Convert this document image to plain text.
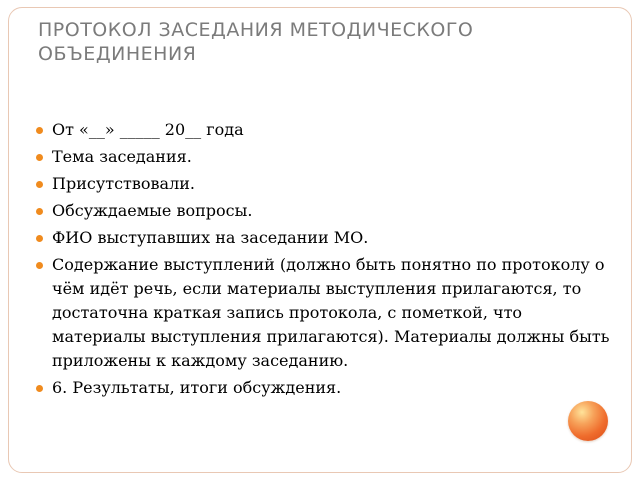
ПРОТОКОЛ ЗАСЕДАНИЯ МЕТОДИЧЕСКОГО
ОБЪЕДИНЕНИЯ
От «__» _____ 20__ года
Тема заседания.
Присутствовали.
Обсуждаемые вопросы.
ФИО выступавших на заседании МО.
Содержание выступлений (должно быть понятно по протоколу о чём идёт речь, если материалы выступления прилагаются, то достаточна краткая запись протокола, с пометкой, что материалы выступления прилагаются). Материалы должны быть приложены к каждому заседанию.
6. Результаты, итоги обсуждения.
